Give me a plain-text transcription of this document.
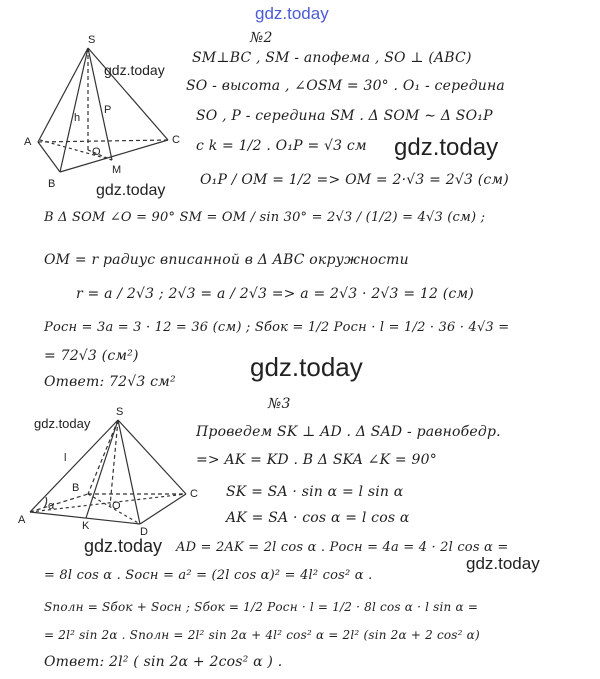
gdz.today
S
A
B
C
M
O
P
h
S
A
B	C
D
K
O
l
α
№2
SM⊥BC , SM - апофема , SO ⊥ (ABC)
SO - высота , ∠OSM = 30° . O₁ - середина
SO , P - середина SM . Δ SOM ∼ Δ SO₁P
с k = 1/2 . O₁P = √3 см
O₁P / OM = 1/2 => OM = 2·√3 = 2√3 (см)
В Δ SOM ∠O = 90° SM = OM / sin 30° = 2√3 / (1/2) = 4√3 (см) ;
OM = r радиус вписанной в Δ ABC окружности
r = a / 2√3 ; 2√3 = a / 2√3 => a = 2√3 · 2√3 = 12 (см)
Pосн = 3a = 3 · 12 = 36 (см) ; Sбок = 1/2 Pосн · l = 1/2 · 36 · 4√3 =
= 72√3 (см²)
Ответ: 72√3 см²
№3
Проведем SK ⊥ AD . Δ SAD - равнобедр.
=> AK = KD . В Δ SKA ∠K = 90°
SK = SA · sin α = l sin α
AK = SA · cos α = l cos α
AD = 2AK = 2l cos α . Pосн = 4a = 4 · 2l cos α =
= 8l cos α . Sосн = a² = (2l cos α)² = 4l² cos² α .
Sполн = Sбок + Sосн ; Sбок = 1/2 Pосн · l = 1/2 · 8l cos α · l sin α =
= 2l² sin 2α . Sполн = 2l² sin 2α + 4l² cos² α = 2l² (sin 2α + 2 cos² α)
Ответ: 2l² ( sin 2α + 2cos² α ) .
gdz.today
gdz.today
gdz.today
gdz.today
gdz.today
gdz.today
gdz.today
